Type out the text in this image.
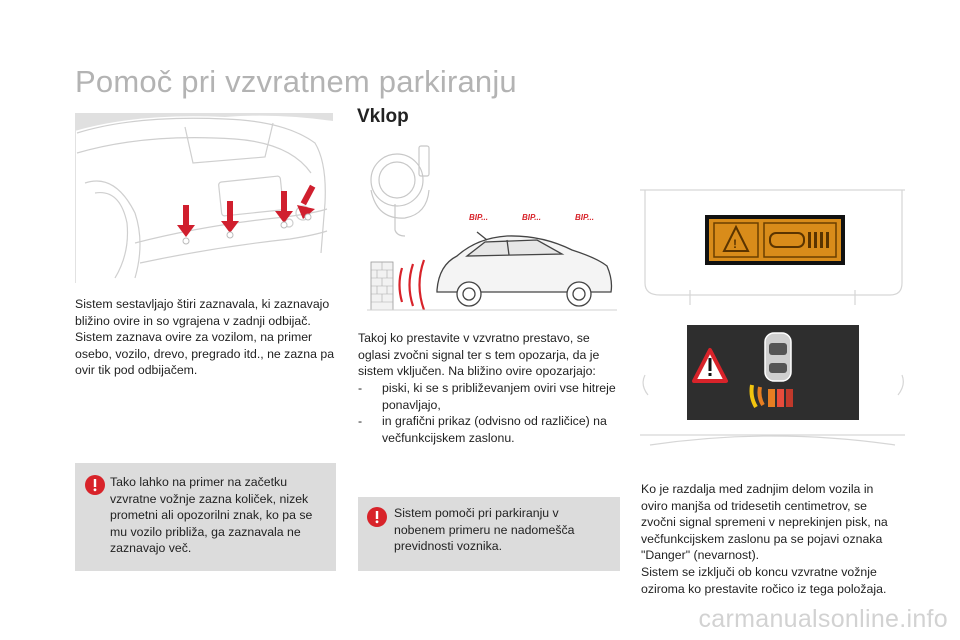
Pomoč pri vzvratnem parkiranju
Vklop

Sistem sestavljajo štiri zaznavala, ki zaznavajo
bližino ovire in so vgrajena v zadnji odbijač.
Sistem zaznava ovire za vozilom, na primer
osebo, vozilo, drevo, pregrado itd., ne zazna pa
ovir tik pod odbijačem.

Tako lahko na primer na začetku
vzvratne vožnje zazna količek, nizek
prometni ali opozorilni znak, ko pa se
mu vozilo približa, ga zaznavala ne
zaznavajo več.
BIP...	BIP...	BIP...

Takoj ko prestavite v vzvratno prestavo, se
oglasi zvočni signal ter s tem opozarja, da je
sistem vključen. Na bližino ovire opozarjajo:

- piski, ki se s približevanjem oviri vse hitreje
ponavljajo,
- in grafični prikaz (odvisno od različice) na
večfunkcijskem zaslonu.
Sistem pomoči pri parkiranju v
nobenem primeru ne nadomešča
previdnosti voznika.
!

Ko je razdalja med zadnjim delom vozila in
oviro manjša od tridesetih centimetrov, se
zvočni signal spremeni v neprekinjen pisk, na
večfunkcijskem zaslonu pa se pojavi oznaka
"Danger" (nevarnost).
Sistem se izklјuči ob koncu vzvratne vožnje
oziroma ko prestavite ročico iz tega položaja.

carmanualsonline.info
